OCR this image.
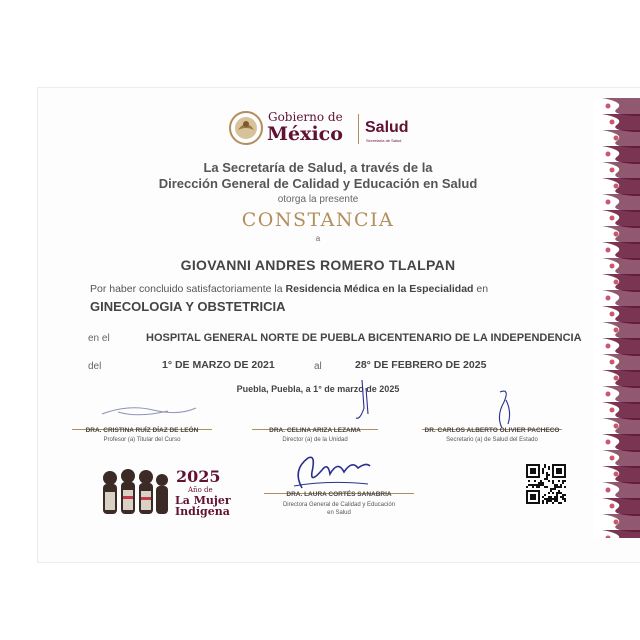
Gobierno de
México Salud
Secretaría de Salud
La Secretaría de Salud, a través de la
Dirección General de Calidad y Educación en Salud
otorga la presente
CONSTANCIA
a
GIOVANNI ANDRES ROMERO TLALPAN
Por haber concluido satisfactoriamente la Residencia Médica en la Especialidad en
GINECOLOGIA Y OBSTETRICIA
en el	HOSPITAL GENERAL NORTE DE PUEBLA BICENTENARIO DE LA INDEPENDENCIA
del	1° DE MARZO DE 2021	al	28° DE FEBRERO DE 2025
Puebla, Puebla, a 1° de marzo de 2025
DRA. CRISTINA RUÍZ DÍAZ DE LEÓN
Profesor (a) Titular del Curso
DRA. CELINA ARIZA LEZAMA
Director (a) de la Unidad
DR. CARLOS ALBERTO OLIVIER PACHECO
Secretario (a) de Salud del Estado
DRA. LAURA CORTÉS SANABRIA
Directora General de Calidad y Educación en Salud
2025
Año de
La Mujer
Indígena
